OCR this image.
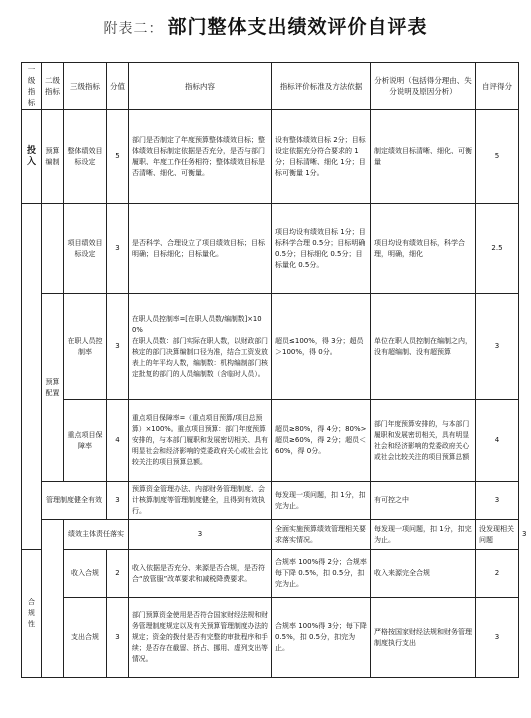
附表二： 部门整体支出绩效评价自评表
一级指标	二级指标	三级指标	分值	指标内容	指标评价标准及方法依据	分析说明（包括得分理由、失分说明及原因分析）	自评得分	
投入	预算编制	整体绩效目标设定	5	部门是否制定了年度预算整体绩效目标；整体绩效目标制定依据是否充分，是否与部门履职、年度工作任务相符；整体绩效目标是否清晰、细化、可衡量。	设有整体绩效目标 2分；目标设定依据充分符合要求的 1分；目标清晰、细化 1分；目标可衡量 1分。	制定绩效目标清晰、细化、可衡量	5	
		项目绩效目标设定	3	是否科学、合理设立了项目绩效目标；目标明确；目标细化；目标量化。	项目均设有绩效目标 1分；目标科学合理 0.5分；目标明确 0.5分；目标细化 0.5分；目标量化 0.5分。	项目均设有绩效目标，科学合理，明确，细化	2.5	
	预算配置	在职人员控制率	3	在职人员控制率=[在职人员数/编制数]×100%
在职人员数：部门实际在职人数，以财政部门核定的部门决算编制口径为准，结合工资发放表上的年平均人数，编制数：机构编制部门核定批复的部门的人员编制数（含临时人员）。	超员≤100%，得 3分；超员＞100%，得 0分。	单位在职人员控制在编制之内，没有超编制、没有超预算	3	
		重点项目保障率	4	重点项目保障率=（重点项目预算/项目总预算）×100%。重点项目预算：部门年度预算安排的，与本部门履职和发展密切相关、具有明显社会和经济影响的党委政府关心或社会比较关注的项目预算总额。	超员≥80%，得 4分；80%>超员≥60%，得 2分；超员＜60%，得 0分。	部门年度预算安排的，与本部门履职和发展密切相关，具有明显社会和经济影响的党委政府关心或社会比较关注的项目预算总额	4	
	管理制度健全有效		3	预算资金管理办法、内部财务管理制度、会计核算制度等管理制度健全，且得到有效执行。	每发现一项问题，扣 1分，扣完为止。	有可控之中	3	
		绩效主体责任落实		3	全面实施预算绩效管理相关要求落实情况。	每发现一项问题，扣 1分，扣完为止。	没发现相关问题	3
合规性		收入合规	2	收入依据是否充分、来源是否合规，是否符合“放管服”改革要求和减税降费要求。	合规率 100%得 2分；合规率每下降 0.5%，扣 0.5分，扣完为止。	收入来源完全合规	2	
		支出合规	3	部门预算资金使用是否符合国家财经法规和财务管理制度规定以及有关预算管理制度办法的规定；资金的拨付是否有完整的审批程序和手续；是否存在截留、挤占、挪用、虚列支出等情况。	合规率 100%得 3分；每下降 0.5%，扣 0.5分，扣完为止。	严格按国家财经法规和财务管理制度执行支出	3	
